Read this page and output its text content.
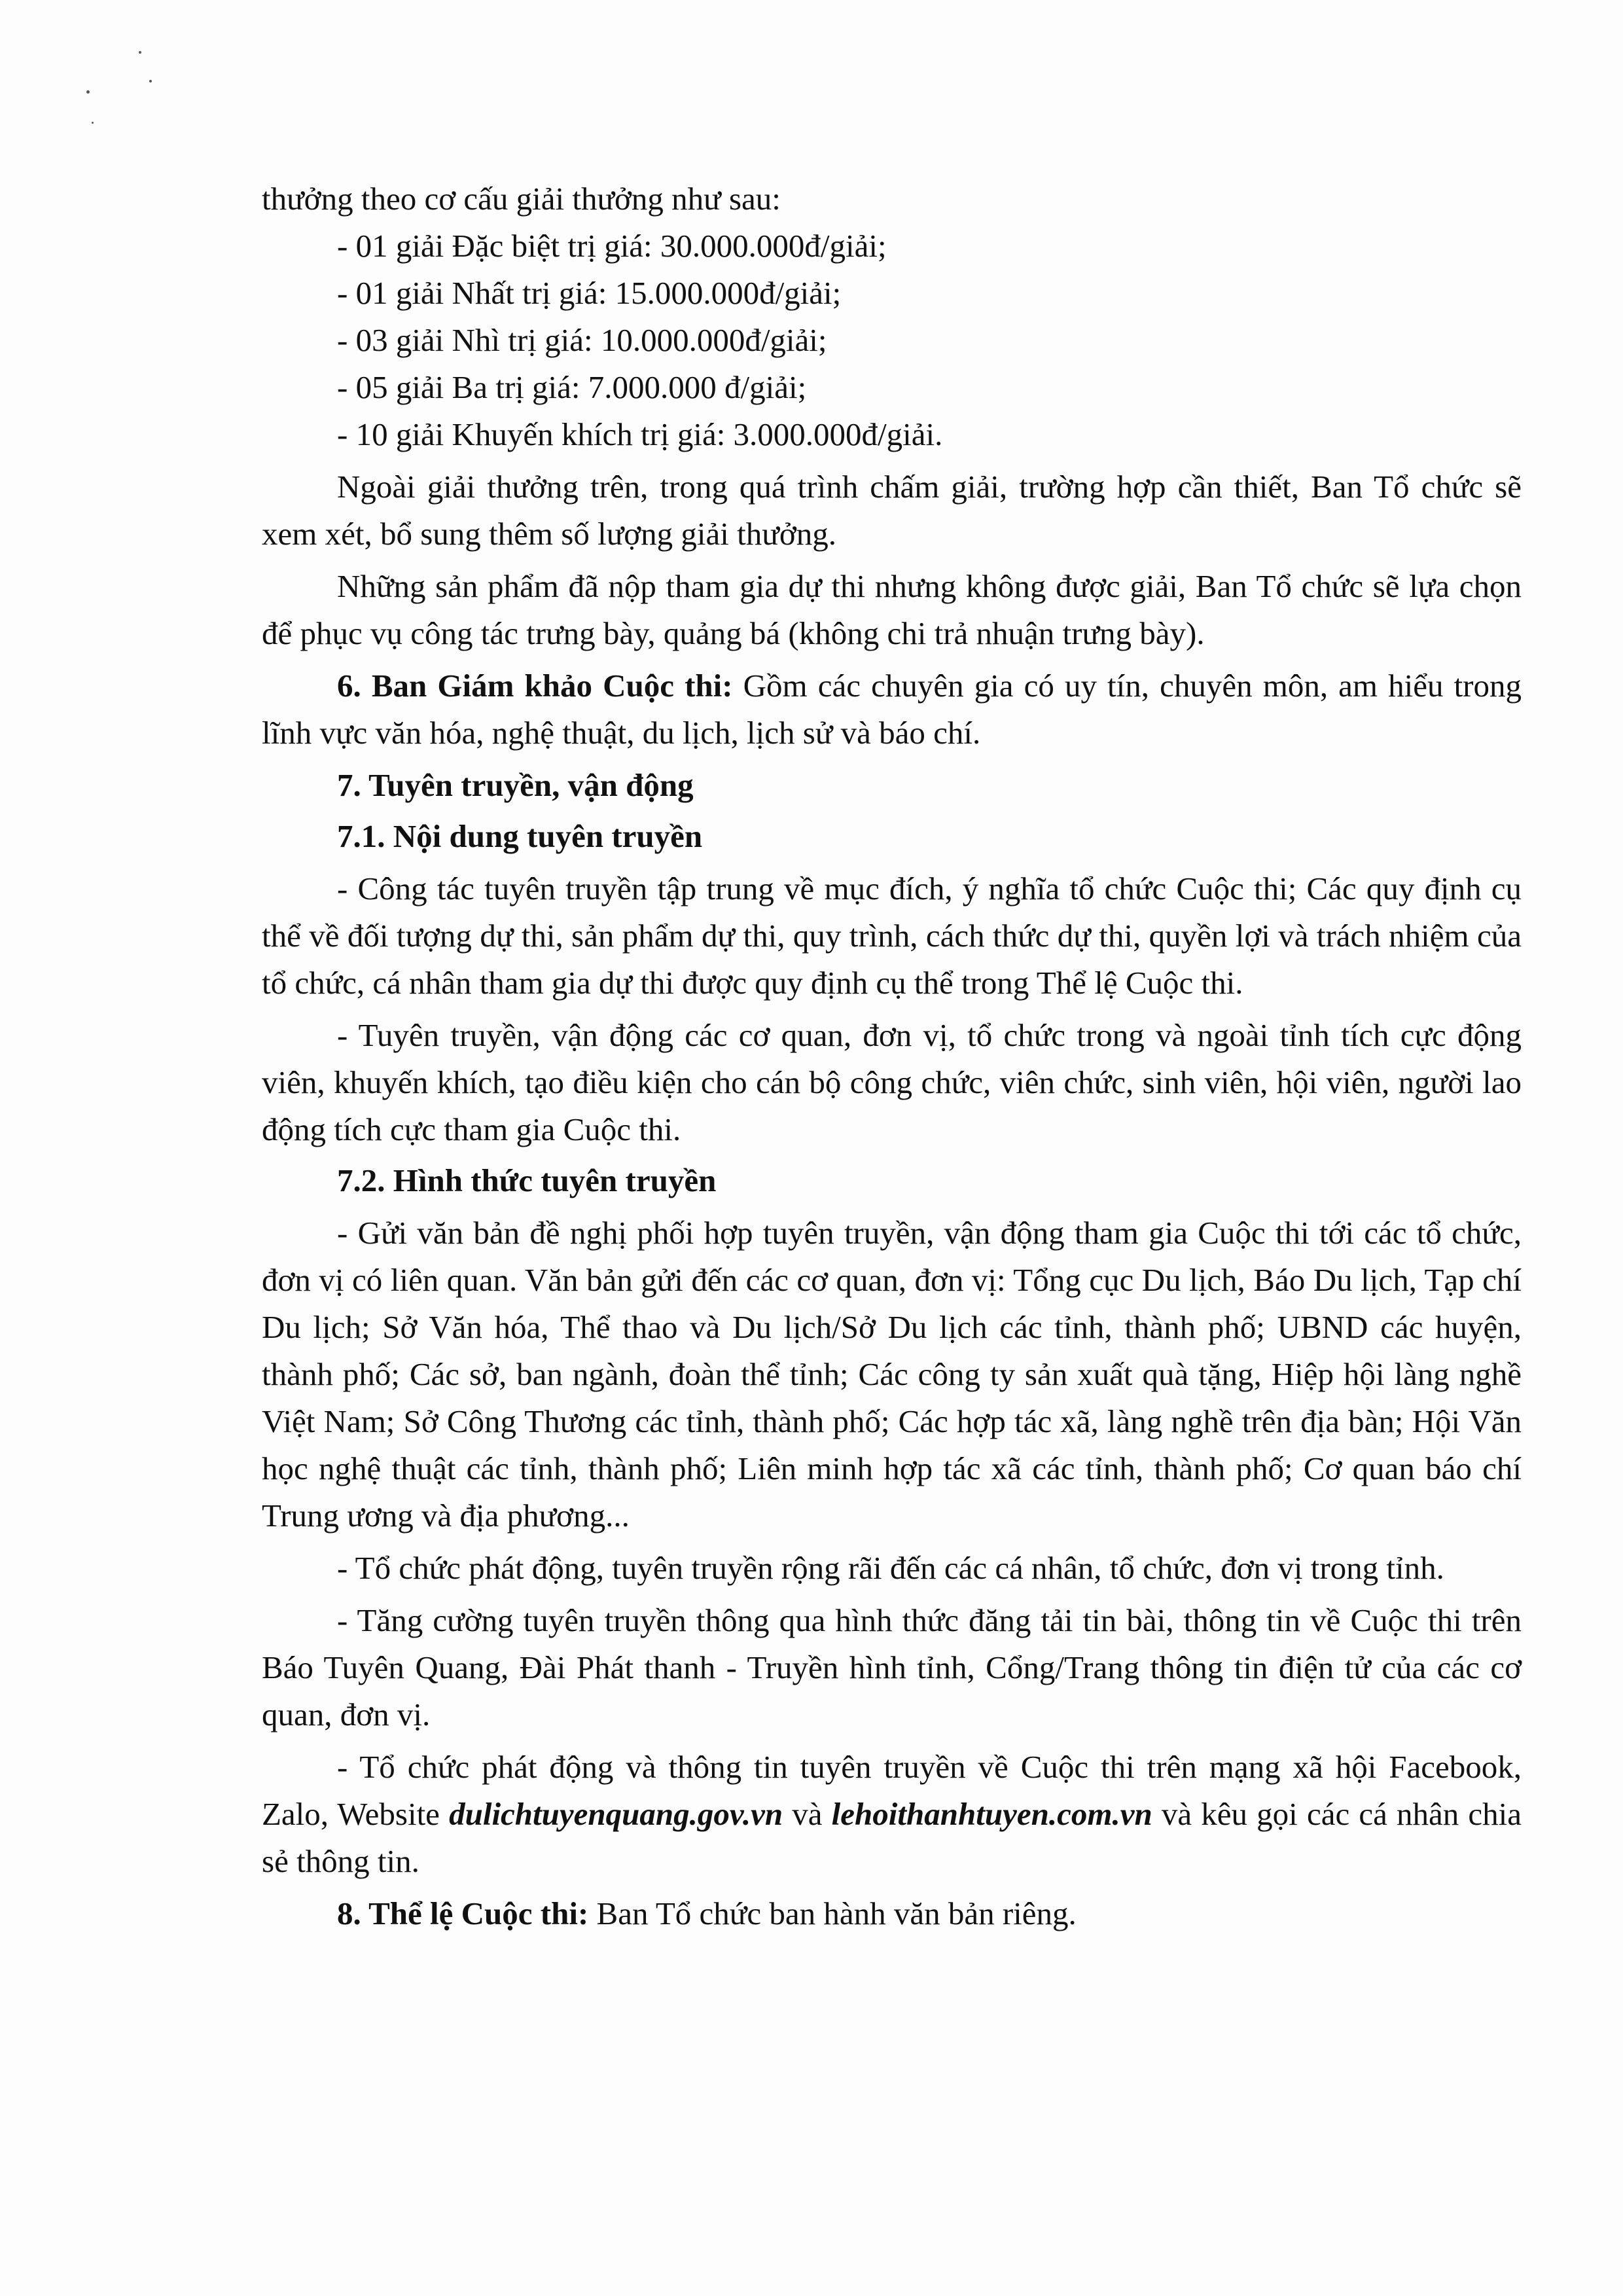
thưởng theo cơ cấu giải thưởng như sau:

- 01 giải Đặc biệt trị giá: 30.000.000đ/giải;

- 01 giải Nhất trị giá: 15.000.000đ/giải;

- 03 giải Nhì trị giá: 10.000.000đ/giải;

- 05 giải Ba trị giá: 7.000.000 đ/giải;

- 10 giải Khuyến khích trị giá: 3.000.000đ/giải.

Ngoài giải thưởng trên, trong quá trình chấm giải, trường hợp cần thiết, Ban Tổ chức sẽ xem xét, bổ sung thêm số lượng giải thưởng.

Những sản phẩm đã nộp tham gia dự thi nhưng không được giải, Ban Tổ chức sẽ lựa chọn để phục vụ công tác trưng bày, quảng bá (không chi trả nhuận trưng bày).

6. Ban Giám khảo Cuộc thi: Gồm các chuyên gia có uy tín, chuyên môn, am hiểu trong lĩnh vực văn hóa, nghệ thuật, du lịch, lịch sử và báo chí.

7. Tuyên truyền, vận động

7.1. Nội dung tuyên truyền

- Công tác tuyên truyền tập trung về mục đích, ý nghĩa tổ chức Cuộc thi; Các quy định cụ thể về đối tượng dự thi, sản phẩm dự thi, quy trình, cách thức dự thi, quyền lợi và trách nhiệm của tổ chức, cá nhân tham gia dự thi được quy định cụ thể trong Thể lệ Cuộc thi.

- Tuyên truyền, vận động các cơ quan, đơn vị, tổ chức trong và ngoài tỉnh tích cực động viên, khuyến khích, tạo điều kiện cho cán bộ công chức, viên chức, sinh viên, hội viên, người lao động tích cực tham gia Cuộc thi.

7.2. Hình thức tuyên truyền

- Gửi văn bản đề nghị phối hợp tuyên truyền, vận động tham gia Cuộc thi tới các tổ chức, đơn vị có liên quan. Văn bản gửi đến các cơ quan, đơn vị: Tổng cục Du lịch, Báo Du lịch, Tạp chí Du lịch; Sở Văn hóa, Thể thao và Du lịch/Sở Du lịch các tỉnh, thành phố; UBND các huyện, thành phố; Các sở, ban ngành, đoàn thể tỉnh; Các công ty sản xuất quà tặng, Hiệp hội làng nghề Việt Nam; Sở Công Thương các tỉnh, thành phố; Các hợp tác xã, làng nghề trên địa bàn; Hội Văn học nghệ thuật các tỉnh, thành phố; Liên minh hợp tác xã các tỉnh, thành phố; Cơ quan báo chí Trung ương và địa phương...

- Tổ chức phát động, tuyên truyền rộng rãi đến các cá nhân, tổ chức, đơn vị trong tỉnh.

- Tăng cường tuyên truyền thông qua hình thức đăng tải tin bài, thông tin về Cuộc thi trên Báo Tuyên Quang, Đài Phát thanh - Truyền hình tỉnh, Cổng/Trang thông tin điện tử của các cơ quan, đơn vị.

- Tổ chức phát động và thông tin tuyên truyền về Cuộc thi trên mạng xã hội Facebook, Zalo, Website dulichtuyenquang.gov.vn và lehoithanhtuyen.com.vn và kêu gọi các cá nhân chia sẻ thông tin.

8. Thể lệ Cuộc thi: Ban Tổ chức ban hành văn bản riêng.
